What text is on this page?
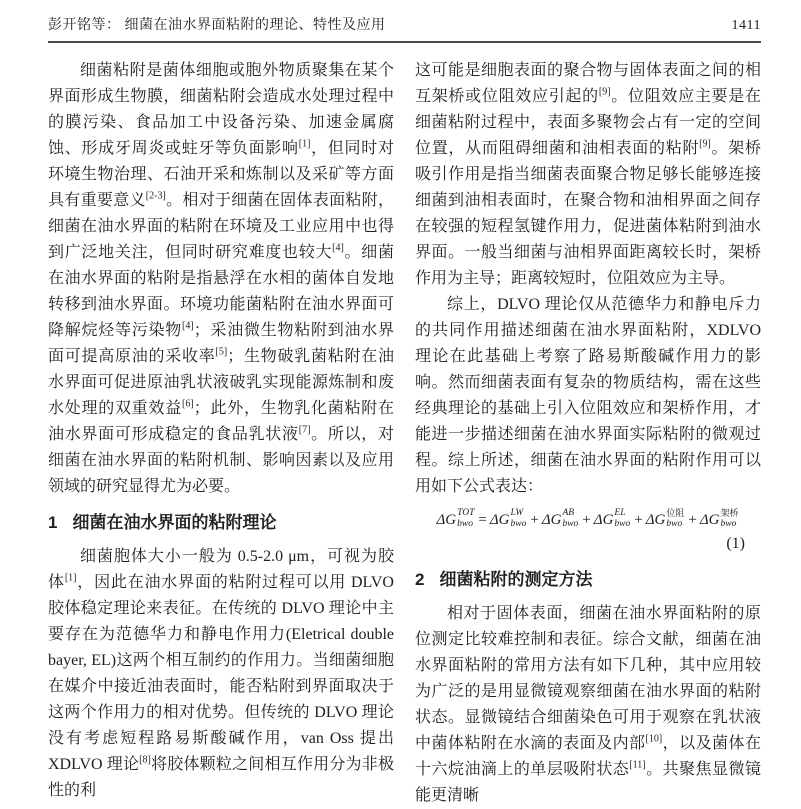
彭开铭等： 细菌在油水界面粘附的理论、特性及应用	1411

细菌粘附是菌体细胞或胞外物质聚集在某个界面形成生物膜，细菌粘附会造成水处理过程中的膜污染、食品加工中设备污染、加速金属腐蚀、形成牙周炎或蛀牙等负面影响[1]，但同时对环境生物治理、石油开采和炼制以及采矿等方面具有重要意义[2-3]。相对于细菌在固体表面粘附，细菌在油水界面的粘附在环境及工业应用中也得到广泛地关注，但同时研究难度也较大[4]。细菌在油水界面的粘附是指悬浮在水相的菌体自发地转移到油水界面。环境功能菌粘附在油水界面可降解烷烃等污染物[4]；采油微生物粘附到油水界面可提高原油的采收率[5]；生物破乳菌粘附在油水界面可促进原油乳状液破乳实现能源炼制和废水处理的双重效益[6]；此外，生物乳化菌粘附在油水界面可形成稳定的食品乳状液[7]。所以，对细菌在油水界面的粘附机制、影响因素以及应用领域的研究显得尤为必要。

1 细菌在油水界面的粘附理论

细菌胞体大小一般为 0.5-2.0 μm，可视为胶体[1]，因此在油水界面的粘附过程可以用 DLVO 胶体稳定理论来表征。在传统的 DLVO 理论中主要存在为范德华力和静电作用力(Eletrical double bayer, EL)这两个相互制约的作用力。当细菌细胞在媒介中接近油表面时，能否粘附到界面取决于这两个作用力的相对优势。但传统的 DLVO 理论没有考虑短程路易斯酸碱作用，van Oss 提出 XDLVO 理论[8]将胶体颗粒之间相互作用分为非极性的利

这可能是细胞表面的聚合物与固体表面之间的相互架桥或位阻效应引起的[9]。位阻效应主要是在细菌粘附过程中，表面多聚物会占有一定的空间位置，从而阻碍细菌和油相表面的粘附[9]。架桥吸引作用是指当细菌表面聚合物足够长能够连接细菌到油相表面时，在聚合物和油相界面之间存在较强的短程氢键作用力，促进菌体粘附到油水界面。一般当细菌与油相界面距离较长时，架桥作用为主导；距离较短时，位阻效应为主导。

综上，DLVO 理论仅从范德华力和静电斥力的共同作用描述细菌在油水界面粘附，XDLVO 理论在此基础上考察了路易斯酸碱作用力的影响。然而细菌表面有复杂的物质结构，需在这些经典理论的基础上引入位阻效应和架桥作用，才能进一步描述细菌在油水界面实际粘附的微观过程。综上所述，细菌在油水界面的粘附作用可以用如下公式表达：

ΔG TOT
bwo = ΔG LW
bwo + ΔG AB
bwo + ΔG EL
bwo + ΔG 位阻
bwo + ΔG 架桥
bwo
(1)
2 细菌粘附的测定方法

相对于固体表面，细菌在油水界面粘附的原位测定比较难控制和表征。综合文献，细菌在油水界面粘附的常用方法有如下几种，其中应用较为广泛的是用显微镜观察细菌在油水界面的粘附状态。显微镜结合细菌染色可用于观察在乳状液中菌体粘附在水滴的表面及内部[10]，以及菌体在十六烷油滴上的单层吸附状态[11]。共聚焦显微镜能更清晰
